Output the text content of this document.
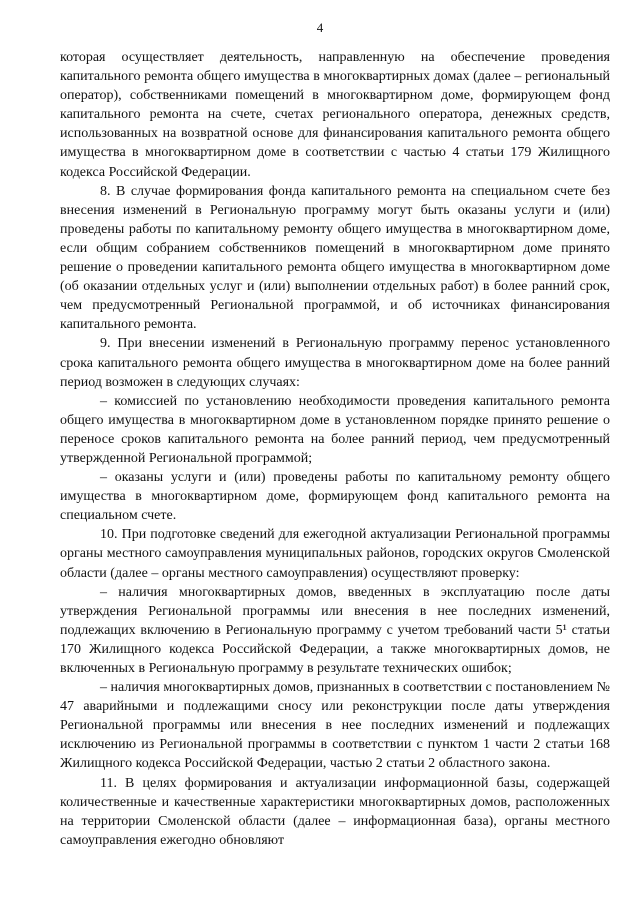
4

которая осуществляет деятельность, направленную на обеспечение проведения капитального ремонта общего имущества в многоквартирных домах (далее – региональный оператор), собственниками помещений в многоквартирном доме, формирующем фонд капитального ремонта на счете, счетах регионального оператора, денежных средств, использованных на возвратной основе для финансирования капитального ремонта общего имущества в многоквартирном доме в соответствии с частью 4 статьи 179 Жилищного кодекса Российской Федерации.

8. В случае формирования фонда капитального ремонта на специальном счете без внесения изменений в Региональную программу могут быть оказаны услуги и (или) проведены работы по капитальному ремонту общего имущества в многоквартирном доме, если общим собранием собственников помещений в многоквартирном доме принято решение о проведении капитального ремонта общего имущества в многоквартирном доме (об оказании отдельных услуг и (или) выполнении отдельных работ) в более ранний срок, чем предусмотренный Региональной программой, и об источниках финансирования капитального ремонта.

9. При внесении изменений в Региональную программу перенос установленного срока капитального ремонта общего имущества в многоквартирном доме на более ранний период возможен в следующих случаях:

– комиссией по установлению необходимости проведения капитального ремонта общего имущества в многоквартирном доме в установленном порядке принято решение о переносе сроков капитального ремонта на более ранний период, чем предусмотренный утвержденной Региональной программой;

– оказаны услуги и (или) проведены работы по капитальному ремонту общего имущества в многоквартирном доме, формирующем фонд капитального ремонта на специальном счете.

10. При подготовке сведений для ежегодной актуализации Региональной программы органы местного самоуправления муниципальных районов, городских округов Смоленской области (далее – органы местного самоуправления) осуществляют проверку:

– наличия многоквартирных домов, введенных в эксплуатацию после даты утверждения Региональной программы или внесения в нее последних изменений, подлежащих включению в Региональную программу с учетом требований части 5¹ статьи 170 Жилищного кодекса Российской Федерации, а также многоквартирных домов, не включенных в Региональную программу в результате технических ошибок;

– наличия многоквартирных домов, признанных в соответствии с постановлением № 47 аварийными и подлежащими сносу или реконструкции после даты утверждения Региональной программы или внесения в нее последних изменений и подлежащих исключению из Региональной программы в соответствии с пунктом 1 части 2 статьи 168 Жилищного кодекса Российской Федерации, частью 2 статьи 2 областного закона.

11. В целях формирования и актуализации информационной базы, содержащей количественные и качественные характеристики многоквартирных домов, расположенных на территории Смоленской области (далее – информационная база), органы местного самоуправления ежегодно обновляют
